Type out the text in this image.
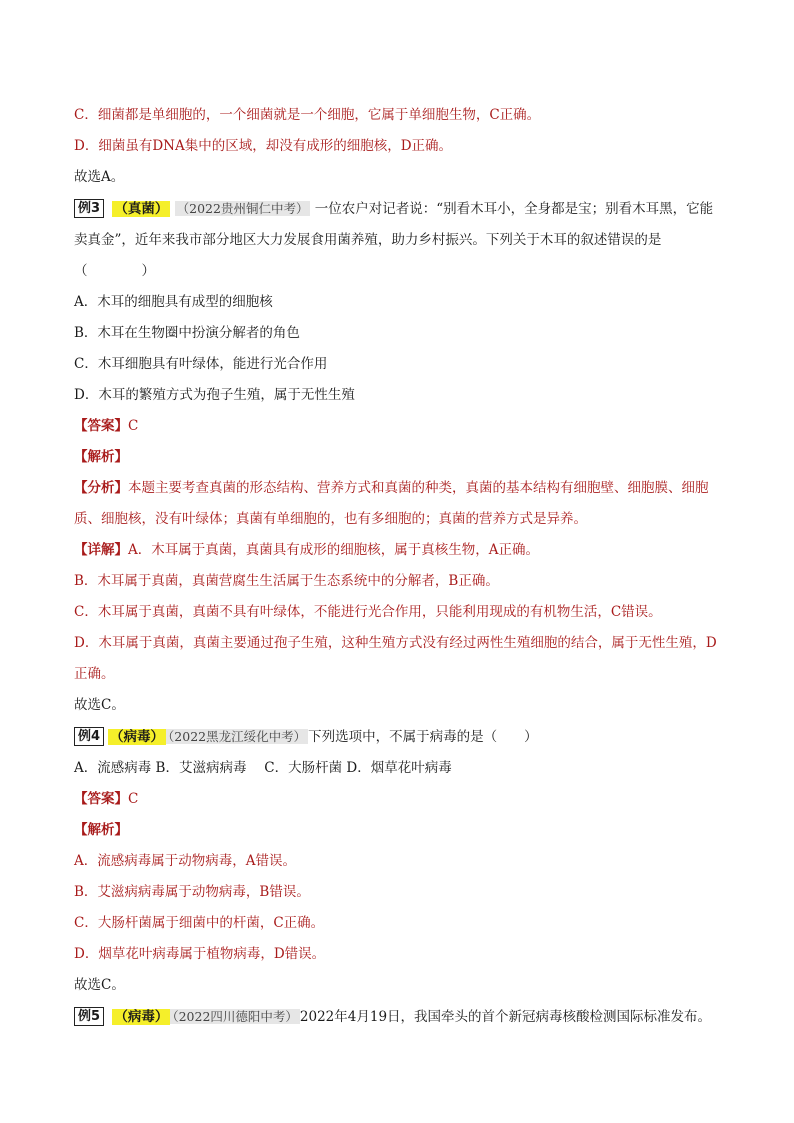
C．细菌都是单细胞的，一个细菌就是一个细胞，它属于单细胞生物，C正确。
D．细菌虽有DNA集中的区域，却没有成形的细胞核，D正确。
故选A。
例3 （真菌） （2022贵州铜仁中考） 一位农户对记者说：“别看木耳小，全身都是宝；别看木耳黑，它能
卖真金”，近年来我市部分地区大力发展食用菌养殖，助力乡村振兴。下列关于木耳的叙述错误的是
（　　　　）
A．木耳的细胞具有成型的细胞核
B．木耳在生物圈中扮演分解者的角色
C．木耳细胞具有叶绿体，能进行光合作用
D．木耳的繁殖方式为孢子生殖，属于无性生殖
【答案】C
【解析】
【分析】本题主要考查真菌的形态结构、营养方式和真菌的种类，真菌的基本结构有细胞壁、细胞膜、细胞质、细胞核，没有叶绿体；真菌有单细胞的，也有多细胞的；真菌的营养方式是异养。
【详解】A．木耳属于真菌，真菌具有成形的细胞核，属于真核生物，A正确。
B．木耳属于真菌，真菌营腐生生活属于生态系统中的分解者，B正确。
C．木耳属于真菌，真菌不具有叶绿体，不能进行光合作用，只能利用现成的有机物生活，C错误。
D．木耳属于真菌，真菌主要通过孢子生殖，这种生殖方式没有经过两性生殖细胞的结合，属于无性生殖，D正确。
故选C。
例4 （病毒） （2022黑龙江绥化中考） 下列选项中，不属于病毒的是（　　）
A．流感病毒 B．艾滋病病毒　 C．大肠杆菌 D．烟草花叶病毒
【答案】C
【解析】
A．流感病毒属于动物病毒，A错误。
B．艾滋病病毒属于动物病毒，B错误。
C．大肠杆菌属于细菌中的杆菌，C正确。
D．烟草花叶病毒属于植物病毒，D错误。
故选C。
例5 （病毒） （2022四川德阳中考） 2022年4月19日，我国牵头的首个新冠病毒核酸检测国际标准发布。
